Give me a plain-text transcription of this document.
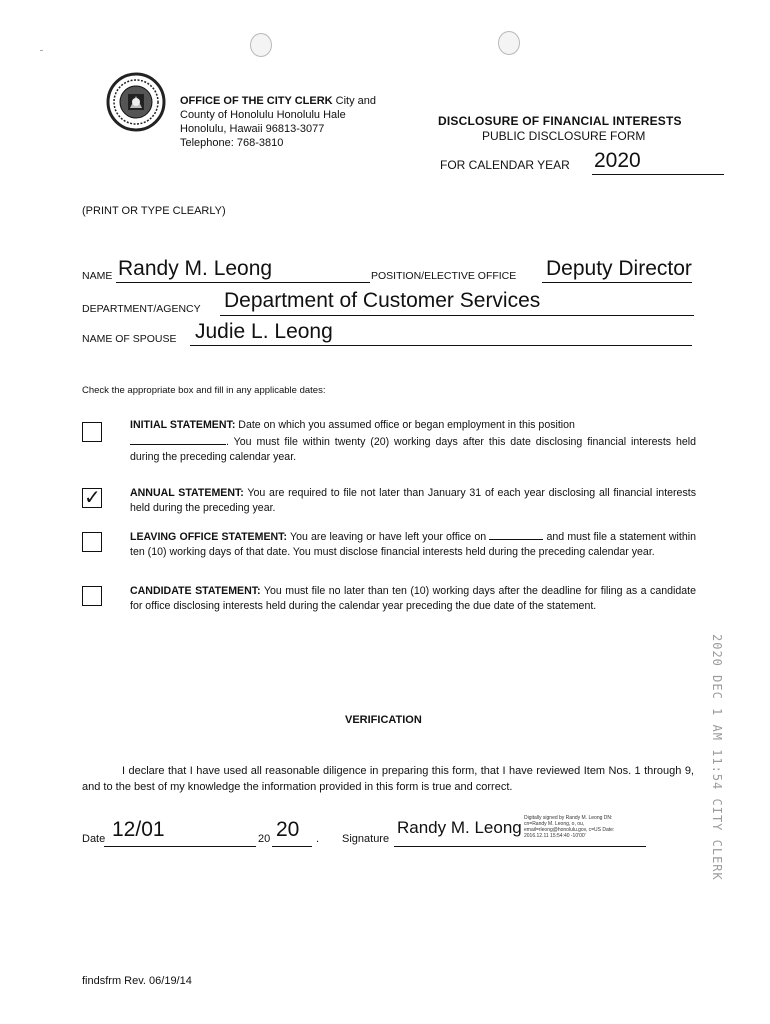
OFFICE OF THE CITY CLERK City and
County of Honolulu Honolulu Hale
Honolulu, Hawaii 96813-3077
Telephone: 768-3810
DISCLOSURE OF FINANCIAL INTERESTS
PUBLIC DISCLOSURE FORM
FOR CALENDAR YEAR 2020
(PRINT OR TYPE CLEARLY)
NAME Randy M. Leong	POSITION/ELECTIVE OFFICE Deputy Director
DEPARTMENT/AGENCY Department of Customer Services
NAME OF SPOUSE Judie L. Leong
Check the appropriate box and fill in any applicable dates:
INITIAL STATEMENT: Date on which you assumed office or began employment in this position
. You must file within twenty (20) working days after this date disclosing financial interests held during the preceding calendar year.
✓	ANNUAL STATEMENT: You are required to file not later than January 31 of each year disclosing all financial interests held during the preceding year.
LEAVING OFFICE STATEMENT: You are leaving or have left your office on	and must file a statement within ten (10) working days of that date. You must disclose financial interests held during the preceding calendar year.
CANDIDATE STATEMENT: You must file no later than ten (10) working days after the deadline for filing as a candidate for office disclosing interests held during the calendar year preceding the due date of the statement.
2020 DEC 1 AM 11:54 CITY CLERK
VERIFICATION
I declare that I have used all reasonable diligence in preparing this form, that I have reviewed Item Nos. 1 through 9, and to the best of my knowledge the information provided in this form is true and correct.
Date 12/01	20 20 . Signature
Randy M. Leong Digitally signed by Randy M. Leong DN: cn=Randy M. Leong, o, ou, email=rleong@honolulu.gov, c=US Date: 2016.12.11 15:54:40 -10'00'
findsfrm Rev. 06/19/14
